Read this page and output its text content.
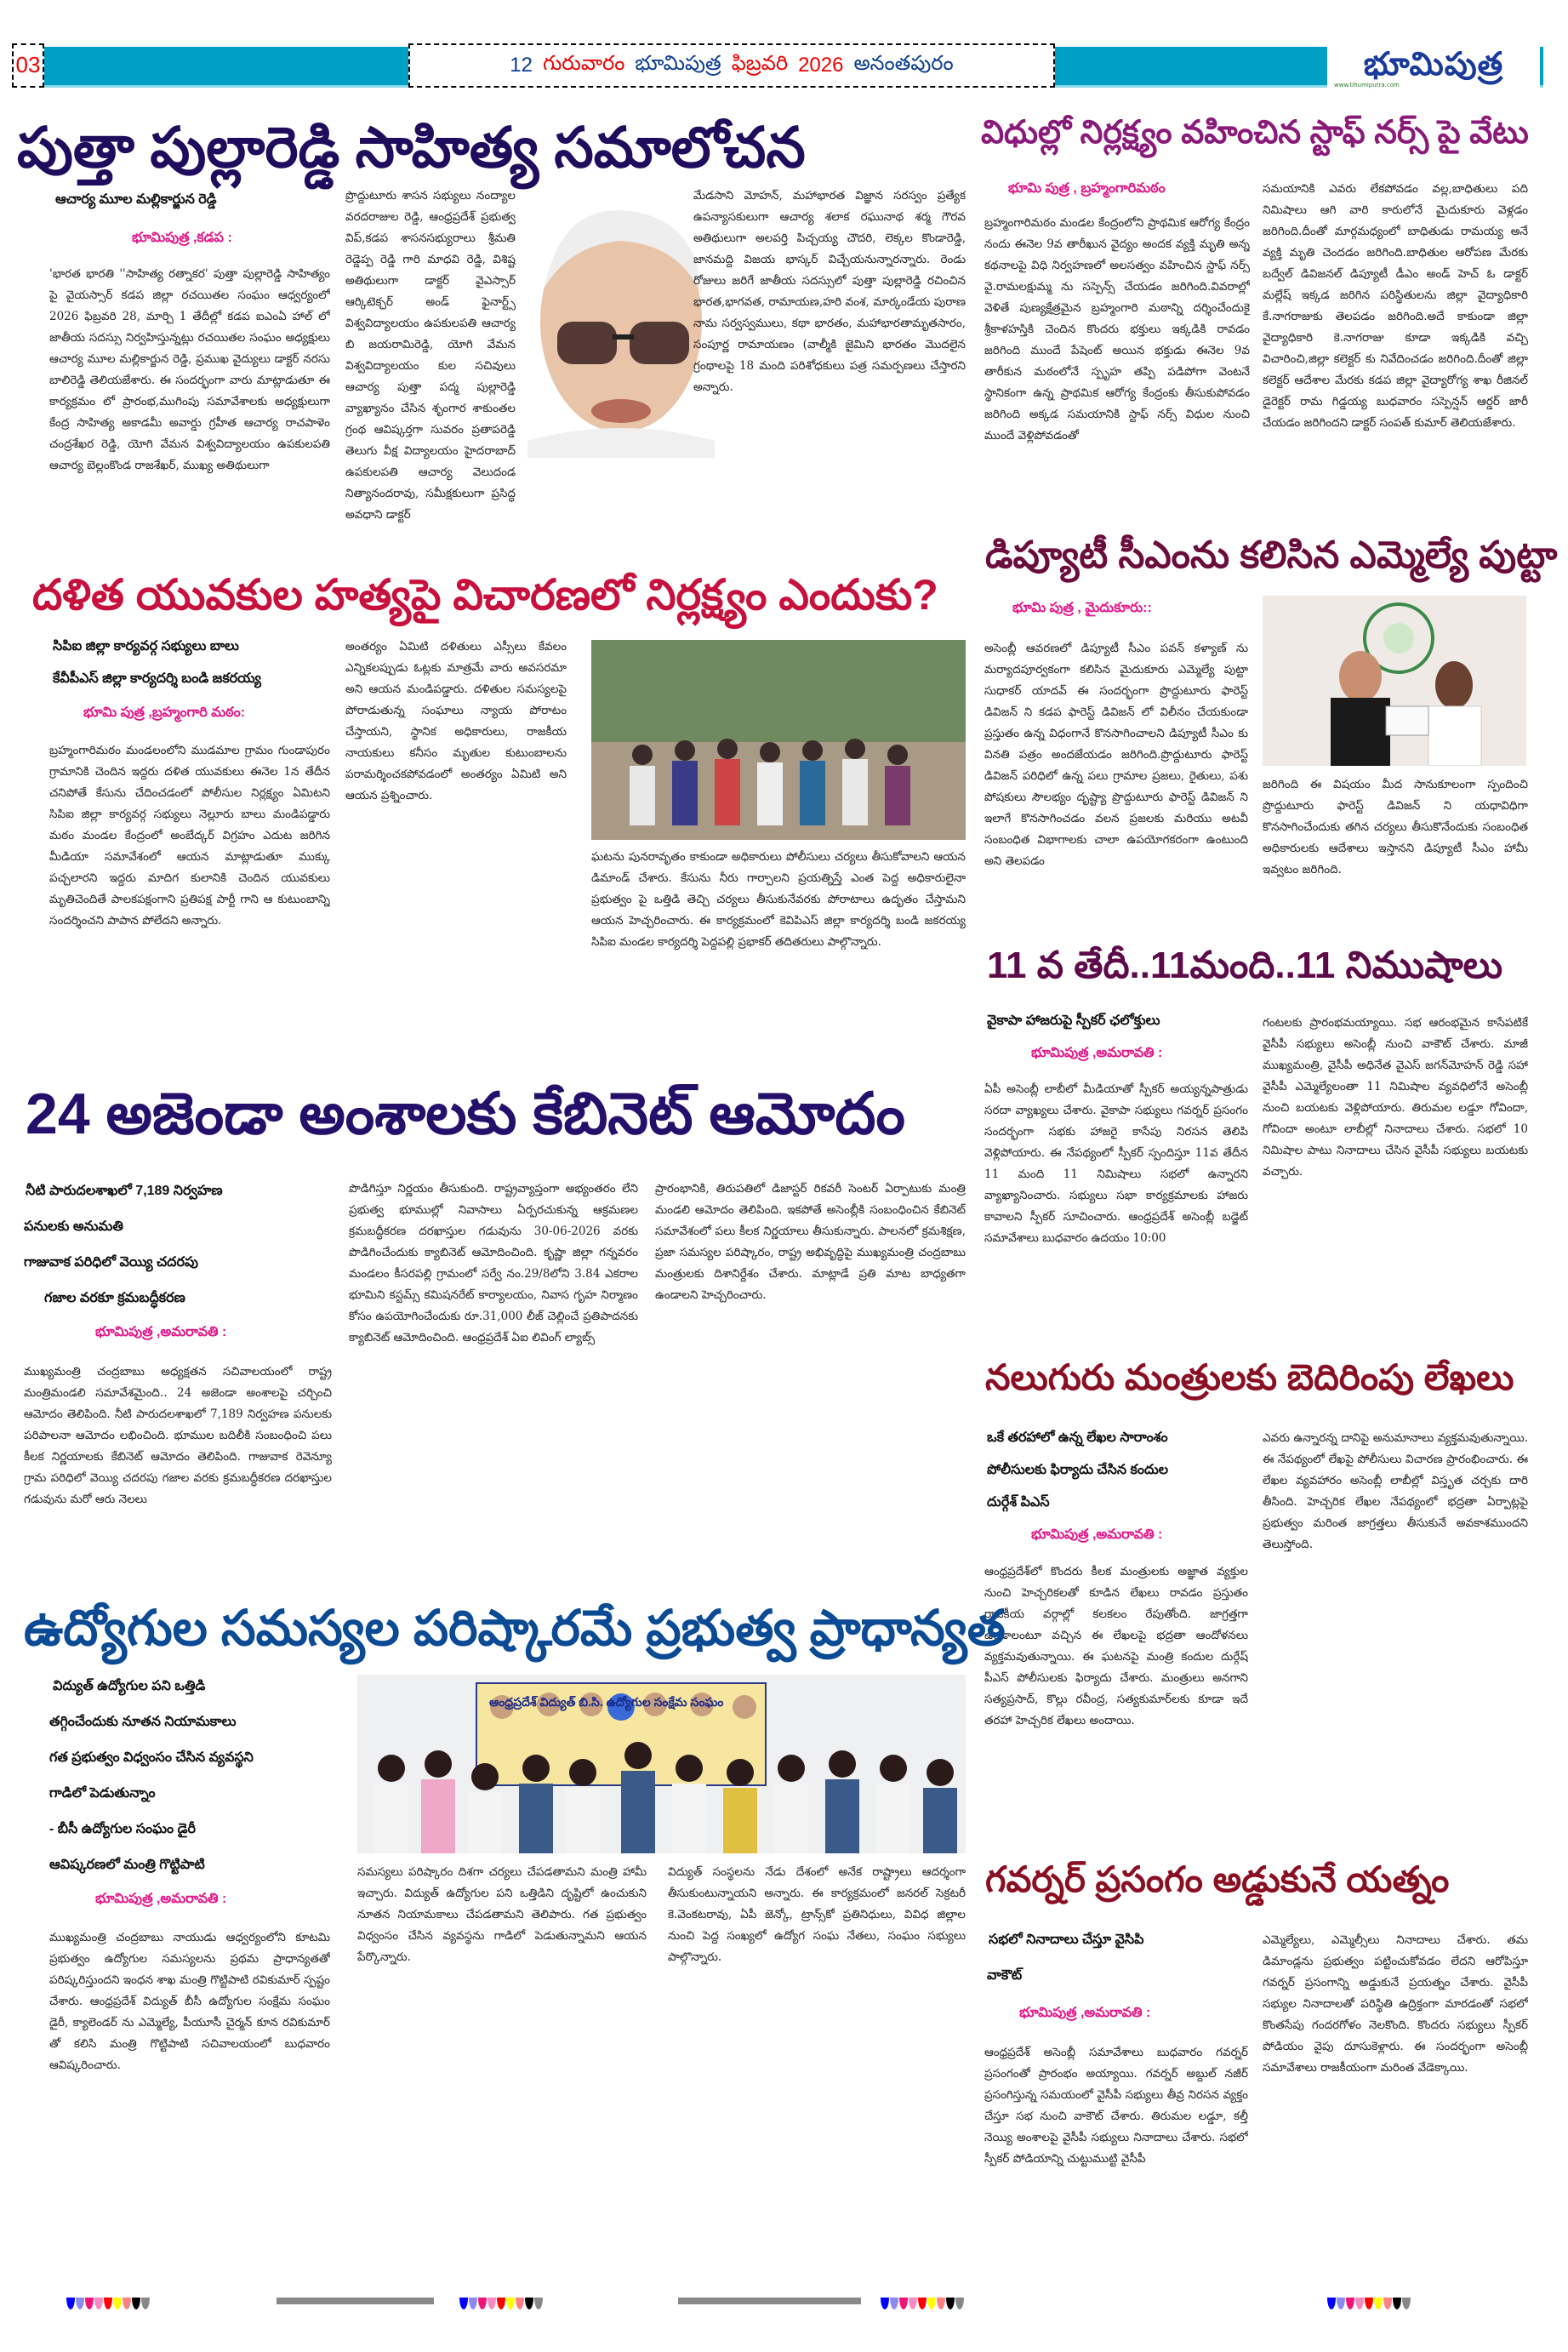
03	12 గురువారం భూమిపుత్ర ఫిబ్రవరి 2026 అనంతపురం	భూమిపుత్ర
www.bhumiputra.com
పుత్తా పుల్లారెడ్డి సాహిత్య సమాలోచన
ఆచార్య మూల మల్లికార్జున రెడ్డి
భూమిపుత్ర ,కడప :
'భారత భారతి ''సాహిత్య రత్నాకర' పుత్తా పుల్లారెడ్డి సాహిత్యం పై వైయస్సార్ కడప జిల్లా రచయితల సంఘం ఆధ్వర్యంలో 2026 ఫిబ్రవరి 28, మార్చి 1 తేదీల్లో కడప ఐఎంఏ హాల్ లో జాతీయ సదస్సు నిర్వహిస్తున్నట్లు రచయితల సంఘం అధ్యక్షులు ఆచార్య మూల మల్లికార్జున రెడ్డి, ప్రముఖ వైద్యులు డాక్టర్ నరసు బాలిరెడ్డి తెలియజేశారు. ఈ సందర్భంగా వారు మాట్లాడుతూ ఈ కార్యక్రమం లో ప్రారంభ,ముగింపు సమావేశాలకు అధ్యక్షులుగా కేంద్ర సాహిత్య అకాడమీ అవార్డు గ్రహీత ఆచార్య రాచపాళెం చంద్రశేఖర రెడ్డి, యోగి వేమన విశ్వవిద్యాలయం ఉపకులపతి ఆచార్య బెల్లంకొండ రాజశేఖర్, ముఖ్య అతిథులుగా
ప్రొద్దుటూరు శాసన సభ్యులు నంద్యాల వరదరాజుల రెడ్డి, ఆంధ్రప్రదేశ్ ప్రభుత్వ విప్,కడప శాసనసభ్యురాలు శ్రీమతి రెడ్డెప్ప రెడ్డి గారి మాధవి రెడ్డి, విశిష్ట అతిథులుగా డాక్టర్ వైఎస్సార్ ఆర్కిటెక్చర్ అండ్ ఫైనార్ట్స్ విశ్వవిద్యాలయం ఉపకులపతి ఆచార్య బి జయరామిరెడ్డి, యోగి వేమన విశ్వవిద్యాలయం కుల సచివులు ఆచార్య పుత్తా పద్మ పుల్లారెడ్డి వ్యాఖ్యానం చేసిన శృంగార శాకుంతల గ్రంథ ఆవిష్కర్తగా సువరం ప్రతాపరెడ్డి తెలుగు వీక్ష విద్యాలయం హైదరాబాద్ ఉపకులపతి ఆచార్య వెలుదండ నిత్యానందరావు, సమీక్షకులుగా ప్రసిద్ధ అవధాని డాక్టర్
మేడసాని మోహన్, మహాభారత విజ్ఞాన సరస్వం ప్రత్యేక ఉపన్యాసకులుగా ఆచార్య శలాక రఘునాథ శర్మ గౌరవ అతిథులుగా అలపర్తి పిచ్చయ్య చౌదరి, లెక్కల కొండారెడ్డి, జానమద్ది విజయ భాస్కర్ విచ్చేయనున్నారన్నారు. రెండు రోజులు జరిగే జాతీయ సదస్సులో పుత్తా పుల్లారెడ్డి రచించిన భారత,భాగవత, రామాయణ,హరి వంశ, మార్కండేయ పురాణ నామ సర్వస్వములు, కథా భారతం, మహాభారతామృతసారం, సంపూర్ణ రామాయణం (వాల్మీకి జైమిని భారతం మొదలైన గ్రంథాలపై 18 మంది పరిశోధకులు పత్ర సమర్పణలు చేస్తారని అన్నారు.
విధుల్లో నిర్లక్ష్యం వహించిన స్టాఫ్ నర్స్ పై వేటు
భూమి పుత్ర , బ్రహ్మంగారిమఠం
బ్రహ్మంగారిమఠం మండల కేంద్రంలోని ప్రాథమిక ఆరోగ్య కేంద్రం నందు ఈనెల 9వ తారీఖున వైద్యం అందక వ్యక్తి మృతి అన్న కథనాలపై విధి నిర్వహణలో అలసత్వం వహించిన స్టాఫ్ నర్స్ వై.రామలక్షుమ్మ ను సస్పెన్స్ చేయడం జరిగింది.వివరాల్లో వెళితే పుణ్యక్షేత్రమైన బ్రహ్మంగారి మఠాన్ని దర్శించేందుకై శ్రీకాళహస్తికి చెందిన కొందరు భక్తులు ఇక్కడికి రావడం జరిగింది ముందే పేషెంట్ అయిన భక్తుడు ఈనెల 9వ తారీకున మఠంలోనే స్పృహ తప్పి పడిపోగా వెంటనే స్థానికంగా ఉన్న ప్రాథమిక ఆరోగ్య కేంద్రంకు తీసుకుపోవడం జరిగింది అక్కడ సమయానికి స్టాఫ్ నర్స్ విధుల నుంచి ముందే వెళ్లిపోవడంతో
సమయానికి ఎవరు లేకపోవడం వల్ల,బాధితులు పది నిమిషాలు ఆగి వారి కారులోనే మైదుకూరు వెళ్లడం జరిగింది.దీంతో మార్గమధ్యంలో బాధితుడు రామయ్య అనే వ్యక్తి మృతి చెందడం జరిగింది.బాధితుల ఆరోపణ మేరకు బద్వేల్ డివిజనల్ డిప్యూటీ డీఎం అండ్ హెచ్ ఓ డాక్టర్ మల్లేష్ ఇక్కడ జరిగిన పరిస్థితులను జిల్లా వైద్యాధికారి కే.నాగరాజుకు తెలపడం జరిగింది.అదే కాకుండా జిల్లా వైద్యాధికారి కె.నాగరాజు కూడా ఇక్కడికి వచ్చి విచారించి,జిల్లా కలెక్టర్ కు నివేదించడం జరిగింది.దీంతో జిల్లా కలెక్టర్ ఆదేశాల మేరకు కడప జిల్లా వైద్యారోగ్య శాఖ రీజినల్ డైరెక్టర్ రామ గిడ్డయ్య బుధవారం సస్పెన్షన్ ఆర్డర్ జారీ చేయడం జరిగిందని డాక్టర్ సంపత్ కుమార్ తెలియజేశారు.
డిప్యూటీ సీఎంను కలిసిన ఎమ్మెల్యే పుట్టా
భూమి పుత్ర , మైదుకూరు::
అసెంబ్లీ ఆవరణలో డిప్యూటీ సీఎం పవన్ కళ్యాణ్ ను మర్యాదపూర్వకంగా కలిసిన మైదుకూరు ఎమ్మెల్యే పుట్టా సుధాకర్ యాదవ్ ఈ సందర్భంగా ప్రొద్దుటూరు ఫారెస్ట్ డివిజన్ ని కడప ఫారెస్ట్ డివిజన్ లో విలీనం చేయకుండా ప్రస్తుతం ఉన్న విధంగానే కొనసాగించాలని డిప్యూటీ సీఎం కు వినతి పత్రం అందజేయడం జరిగింది.ప్రొద్దుటూరు ఫారెస్ట్ డివిజన్ పరిధిలో ఉన్న పలు గ్రామాల ప్రజలు, రైతులు, పశు పోషకులు సౌలభ్యం దృష్ట్యా ప్రొద్దుటూరు ఫారెస్ట్ డివిజన్ ని ఇలాగే కొనసాగించడం వలన ప్రజలకు మరియు అటవీ సంబంధిత విభాగాలకు చాలా ఉపయోగకరంగా ఉంటుంది అని తెలపడం
జరిగింది ఈ విషయం మీద సానుకూలంగా స్పందించి ప్రొద్దుటూరు ఫారెస్ట్ డివిజన్ ని యధావిధిగా కొనసాగించేందుకు తగిన చర్యలు తీసుకొనేందుకు సంబంధిత అధికారులకు ఆదేశాలు ఇస్తానని డిప్యూటీ సీఎం హామీ ఇవ్వటం జరిగింది.
దళిత యువకుల హత్యపై విచారణలో నిర్లక్ష్యం ఎందుకు?
సిపిఐ జిల్లా కార్యవర్గ సభ్యులు బాలు
కేవీపీఎస్ జిల్లా కార్యదర్శి బండి జకరయ్య
భూమి పుత్ర ,బ్రహ్మంగారి మఠం:
బ్రహ్మంగారిమఠం మండలంలోని ముడమాల గ్రామం గుండాపురం గ్రామానికి చెందిన ఇద్దరు దళిత యువకులు ఈనెల 1న తేదీన చనిపోతే కేసును చేదించడంలో పోలీసుల నిర్లక్ష్యం ఏమిటని సిపిఐ జిల్లా కార్యవర్గ సభ్యులు నెల్లూరు బాలు మండిపడ్డారు మఠం మండల కేంద్రంలో అంబేద్కర్ విగ్రహం ఎదుట జరిగిన మీడియా సమావేశంలో ఆయన మాట్లాడుతూ ముక్కు పచ్చలారని ఇద్దరు మాదిగ కులానికి చెందిన యువకులు మృతిచెందితే పాలకపక్షంగాని ప్రతిపక్ష పార్టీ గాని ఆ కుటుంబాన్ని సందర్శించని పాపాన పోలేదని అన్నారు.
అంతర్యం ఏమిటి దళితులు ఎస్సీలు కేవలం ఎన్నికలప్పుడు ఓట్లకు మాత్రమే వారు అవసరమా అని ఆయన మండిపడ్డారు. దళితుల సమస్యలపై పోరాడుతున్న సంఘాలు న్యాయ పోరాటం చేస్తాయని, స్థానిక అధికారులు, రాజకీయ నాయకులు కనీసం మృతుల కుటుంబాలను పరామర్శించకపోవడంలో అంతర్యం ఏమిటి అని ఆయన ప్రశ్నించారు.
ఘటను పునరావృతం కాకుండా అధికారులు పోలీసులు చర్యలు తీసుకోవాలని ఆయన డిమాండ్ చేశారు. కేసును నీరు గార్చాలని ప్రయత్నిస్తే ఎంత పెద్ద అధికారులైనా ప్రభుత్వం పై ఒత్తిడి తెచ్చి చర్యలు తీసుకునేవరకు పోరాటాలు ఉదృతం చేస్తామని ఆయన హెచ్చరించారు. ఈ కార్యక్రమంలో కెవిపిఎస్ జిల్లా కార్యదర్శి బండి జకరయ్య సిపిఐ మండల కార్యదర్శి పెద్దపల్లి ప్రభాకర్ తదితరులు పాల్గొన్నారు.
11 వ తేదీ..11మంది..11 నిముషాలు
వైకాపా హాజరుపై స్పీకర్ ఛలోక్తులు
భూమిపుత్ర ,అమరావతి :
ఏపీ అసెంబ్లీ లాబీలో మీడియాతో స్పీకర్ అయ్యన్నపాత్రుడు సరదా వ్యాఖ్యలు చేశారు. వైకాపా సభ్యులు గవర్నర్ ప్రసంగం సందర్భంగా సభకు హాజరై కాసేపు నిరసన తెలిపి వెళ్లిపోయారు. ఈ నేపథ్యంలో స్పీకర్ స్పందిస్తూ 11వ తేదీన 11 మంది 11 నిమిషాలు సభలో ఉన్నారని వ్యాఖ్యానించారు. సభ్యులు సభా కార్యక్రమాలకు హాజరు కావాలని స్పీకర్ సూచించారు. ఆంధ్రప్రదేశ్ అసెంబ్లీ బడ్జెట్ సమావేశాలు బుధవారం ఉదయం 10:00
గంటలకు ప్రారంభమయ్యాయి. సభ ఆరంభమైన కాసేపటికే వైసీపీ సభ్యులు అసెంబ్లీ నుంచి వాకౌట్ చేశారు. మాజీ ముఖ్యమంత్రి, వైసీపీ అధినేత వైఎస్ జగన్‌మోహన్ రెడ్డి సహా వైసీపీ ఎమ్మెల్యేలంతా 11 నిమిషాల వ్యవధిలోనే అసెంబ్లీ నుంచి బయటకు వెళ్లిపోయారు. తిరుమల లడ్డూ గోవిందా, గోవిందా అంటూ లాబీల్లో నినాదాలు చేశారు. సభలో 10 నిమిషాల పాటు నినాదాలు చేసిన వైసీపీ సభ్యులు బయటకు వచ్చారు.
24 అజెండా అంశాలకు కేబినెట్ ఆమోదం
నీటి పారుదలశాఖలో 7,189 నిర్వహణ
పనులకు అనుమతి
గాజువాక పరిధిలో వెయ్యి చదరపు
గజాల వరకూ క్రమబద్ధీకరణ
భూమిపుత్ర ,అమరావతి :
ముఖ్యమంత్రి చంద్రబాబు అధ్యక్షతన సచివాలయంలో రాష్ట్ర మంత్రిమండలి సమావేశమైంది.. 24 అజెండా అంశాలపై చర్చించి ఆమోదం తెలిపింది. నీటి పారుదలశాఖలో 7,189 నిర్వహణ పనులకు పరిపాలనా ఆమోదం లభించింది. భూముల బదిలీకి సంబంధించి పలు కీలక నిర్ణయాలకు కేబినెట్ ఆమోదం తెలిపింది. గాజువాక రెవెన్యూ గ్రామ పరిధిలో వెయ్యి చదరపు గజాల వరకు క్రమబద్ధీకరణ దరఖాస్తుల గడువును మరో ఆరు నెలలు
పొడిగిస్తూ నిర్ణయం తీసుకుంది. రాష్ట్రవ్యాప్తంగా అభ్యంతరం లేని ప్రభుత్వ భూముల్లో నివాసాలు ఏర్పరచుకున్న ఆక్రమణల క్రమబద్ధీకరణ దరఖాస్తుల గడువును 30-06-2026 వరకు పొడిగించేందుకు క్యాబినెట్ ఆమోదించింది. కృష్ణా జిల్లా గన్నవరం మండలం కీసరపల్లి గ్రామంలో సర్వే నం.29/8లోని 3.84 ఎకరాల భూమిని కస్టమ్స్ కమిషనరేట్ కార్యాలయం, నివాస గృహ నిర్మాణం కోసం ఉపయోగించేందుకు రూ.31,000 లీజ్ చెల్లించే ప్రతిపాదనకు క్యాబినెట్ ఆమోదించింది. ఆంధ్రప్రదేశ్ ఏఐ లివింగ్ ల్యాబ్స్
ప్రారంభానికి, తిరుపతిలో డిజాస్టర్ రికవరీ సెంటర్ ఏర్పాటుకు మంత్రి మండలి ఆమోదం తెలిపింది. ఇకపోతే అసెంబ్లీకి సంబంధించిన కేబినెట్ సమావేశంలో పలు కీలక నిర్ణయాలు తీసుకున్నారు. పాలనలో క్రమశిక్షణ, ప్రజా సమస్యల పరిష్కారం, రాష్ట్ర అభివృద్ధిపై ముఖ్యమంత్రి చంద్రబాబు మంత్రులకు దిశానిర్దేశం చేశారు. మాట్లాడే ప్రతి మాట బాధ్యతగా ఉండాలని హెచ్చరించారు.
నలుగురు మంత్రులకు బెదిరింపు లేఖలు
ఒకే తరహాలో ఉన్న లేఖల సారాంశం
పోలీసులకు ఫిర్యాదు చేసిన కందుల
దుర్గేశ్ పిఎస్
భూమిపుత్ర ,అమరావతి :
ఆంధ్రప్రదేశ్‌లో కొందరు కీలక మంత్రులకు అజ్ఞాత వ్యక్తుల నుంచి హెచ్చరికలతో కూడిన లేఖలు రావడం ప్రస్తుతం రాజకీయ వర్గాల్లో కలకలం రేపుతోంది. జాగ్రత్తగా ఉండాలంటూ వచ్చిన ఈ లేఖలపై భద్రతా ఆందోళనలు వ్యక్తమవుతున్నాయి. ఈ ఘటనపై మంత్రి కందుల దుర్గేష్ పీఎస్ పోలీసులకు ఫిర్యాదు చేశారు. మంత్రులు అనగాని సత్యప్రసాద్, కొల్లు రవీంద్ర, సత్యకుమార్‌లకు కూడా ఇదే తరహా హెచ్చరిక లేఖలు అందాయి.
ఎవరు ఉన్నారన్న దానిపై అనుమానాలు వ్యక్తమవుతున్నాయి. ఈ నేపథ్యంలో లేఖపై పోలీసులు విచారణ ప్రారంభించారు. ఈ లేఖల వ్యవహారం అసెంబ్లీ లాబీల్లో విస్తృత చర్చకు దారి తీసింది. హెచ్చరిక లేఖల నేపథ్యంలో భద్రతా ఏర్పాట్లపై ప్రభుత్వం మరింత జాగ్రత్తలు తీసుకునే అవకాశముందని తెలుస్తోంది.
ఉద్యోగుల సమస్యల పరిష్కారమే ప్రభుత్వ ప్రాధాన్యత
విద్యుత్ ఉద్యోగుల పని ఒత్తిడి
తగ్గించేందుకు నూతన నియామకాలు
గత ప్రభుత్వం విధ్వంసం చేసిన వ్యవస్థని
గాడిలో పెడుతున్నాం
- బీసీ ఉద్యోగుల సంఘం డైరీ
ఆవిష్కరణలో మంత్రి గొట్టిపాటి
భూమిపుత్ర ,అమరావతి :
ముఖ్యమంత్రి చంద్రబాబు నాయుడు ఆధ్వర్యంలోని కూటమి ప్రభుత్వం ఉద్యోగుల సమస్యలను ప్రథమ ప్రాధాన్యతతో పరిష్కరిస్తుందని ఇంధన శాఖ మంత్రి గొట్టిపాటి రవికుమార్ స్పష్టం చేశారు. ఆంధ్రప్రదేశ్ విద్యుత్ బీసీ ఉద్యోగుల సంక్షేమ సంఘం డైరీ, క్యాలెండర్ ను ఎమ్మెల్యే, పీయూసీ చైర్మన్ కూన రవికుమార్ తో కలిసి మంత్రి గొట్టిపాటి సచివాలయంలో బుధవారం ఆవిష్కరించారు.
ఆంధ్రప్రదేశ్ విద్యుత్ బి.సి. ఉద్యోగుల సంక్షేమ సంఘం
సమస్యలు పరిష్కారం దిశగా చర్యలు చేపడతామని మంత్రి హామీ ఇచ్చారు. విద్యుత్ ఉద్యోగుల పని ఒత్తిడిని దృష్టిలో ఉంచుకుని నూతన నియామకాలు చేపడతామని తెలిపారు. గత ప్రభుత్వం విధ్వంసం చేసిన వ్యవస్థను గాడిలో పెడుతున్నామని ఆయన పేర్కొన్నారు.
విద్యుత్ సంస్థలను నేడు దేశంలో అనేక రాష్ట్రాలు ఆదర్శంగా తీసుకుంటున్నాయని అన్నారు. ఈ కార్యక్రమంలో జనరల్ సెక్రటరీ కె.వెంకటరావు, ఏపీ జెన్కో, ట్రాన్స్‌కో ప్రతినిధులు, వివిధ జిల్లాల నుంచి పెద్ద సంఖ్యలో ఉద్యోగ సంఘ నేతలు, సంఘం సభ్యులు పాల్గొన్నారు.
గవర్నర్ ప్రసంగం అడ్డుకునే యత్నం
సభలో నినాదాలు చేస్తూ వైసిపి
వాకౌట్
భూమిపుత్ర ,అమరావతి :
ఆంధ్రప్రదేశ్ అసెంబ్లీ సమావేశాలు బుధవారం గవర్నర్ ప్రసంగంతో ప్రారంభం అయ్యాయి. గవర్నర్ అబ్దుల్ నజీర్ ప్రసంగిస్తున్న సమయంలో వైసీపీ సభ్యులు తీవ్ర నిరసన వ్యక్తం చేస్తూ సభ నుంచి వాకౌట్ చేశారు. తిరుమల లడ్డూ, కల్తీ నెయ్యి అంశాలపై వైసీపీ సభ్యులు నినాదాలు చేశారు. సభలో స్పీకర్ పోడియాన్ని చుట్టుముట్టి వైసీపీ
ఎమ్మెల్యేలు, ఎమ్మెల్సీలు నినాదాలు చేశారు. తమ డిమాండ్లను ప్రభుత్వం పట్టించుకోవడం లేదని ఆరోపిస్తూ గవర్నర్ ప్రసంగాన్ని అడ్డుకునే ప్రయత్నం చేశారు. వైసీపీ సభ్యుల నినాదాలతో పరిస్థితి ఉద్రిక్తంగా మారడంతో సభలో కొంతసేపు గందరగోళం నెలకొంది. కొందరు సభ్యులు స్పీకర్ పోడియం వైపు దూసుకెళ్లారు. ఈ సందర్భంగా అసెంబ్లీ సమావేశాలు రాజకీయంగా మరింత వేడెక్కాయి.
